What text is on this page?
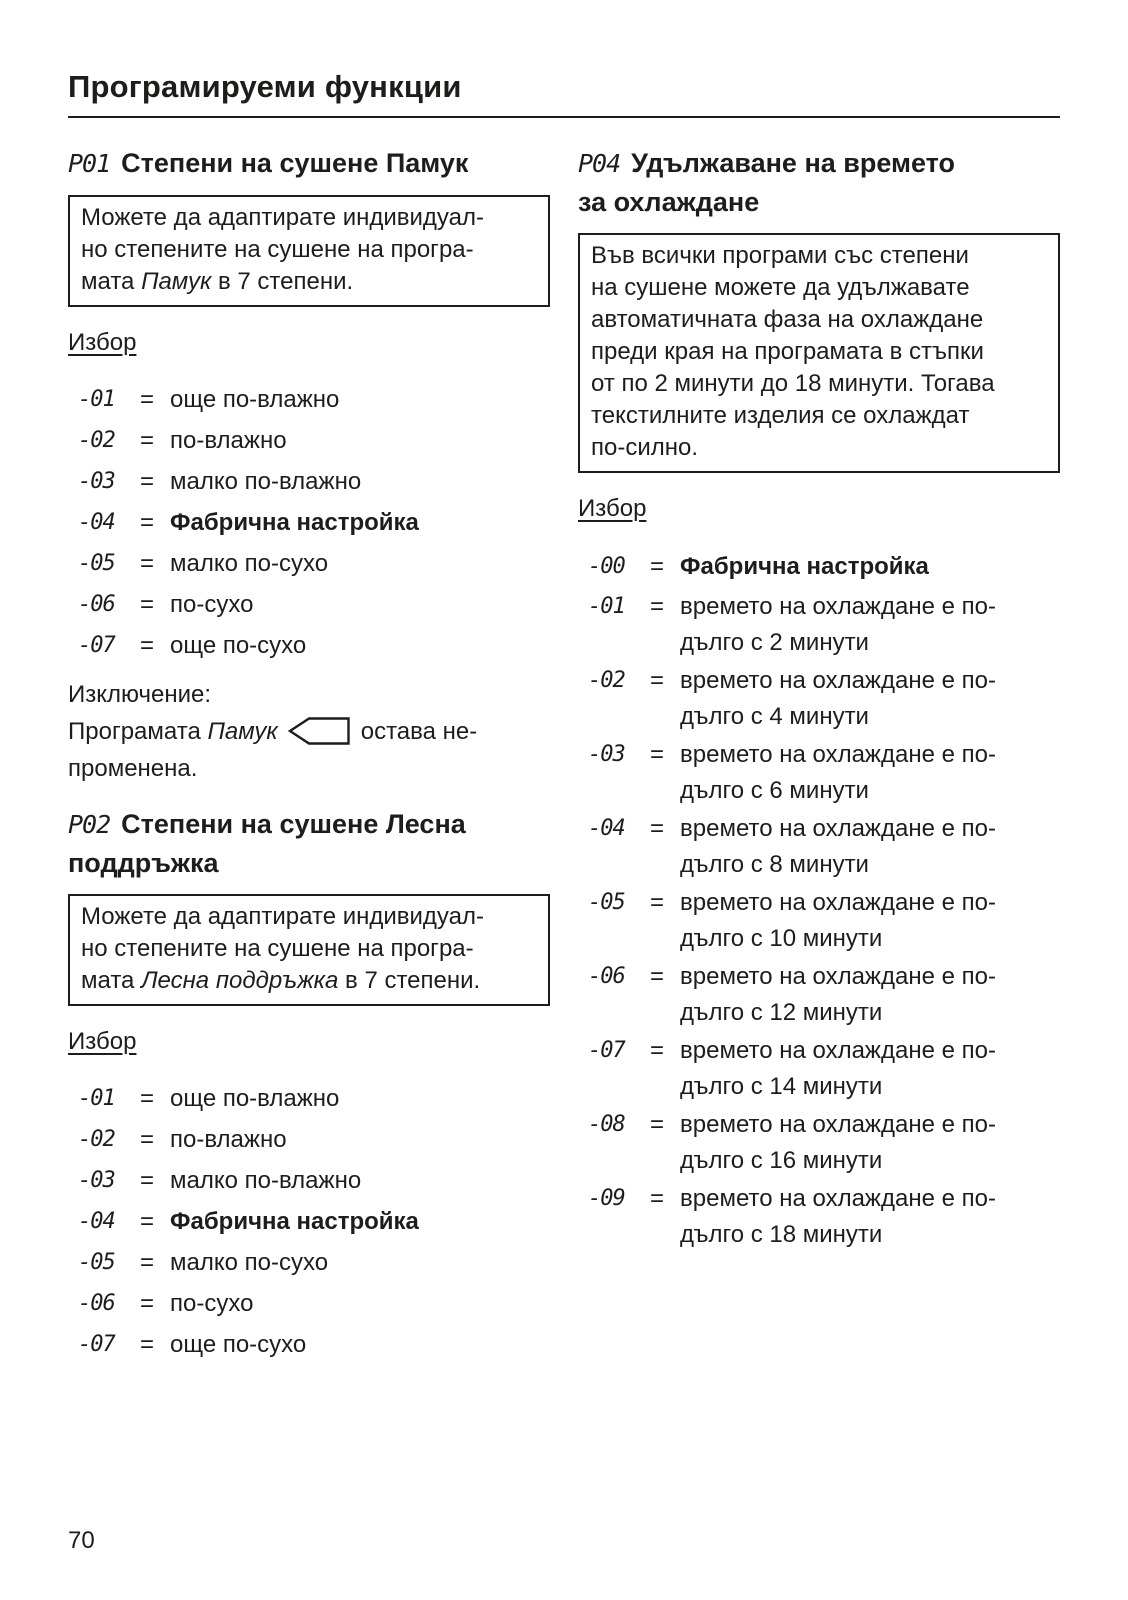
Програмируеми функции
P01 Степени на сушене Памук
Можете да адаптирате индивидуал-
но степените на сушене на програ-
мата Памук в 7 степени.
Избор
-01	= още по-влажно
-02	= по-влажно
-03	= малко по-влажно
-04	= Фабрична настройка
-05	= малко по-сухо
-06	= по-сухо
-07	= още по-сухо
Изключение:
Програмата Памук	остава не-
променена.
P02 Степени на сушене Лесна
поддръжка
Можете да адаптирате индивидуал-
но степените на сушене на програ-
мата Лесна поддръжка в 7 степени.
Избор
-01	= още по-влажно
-02	= по-влажно
-03	= малко по-влажно
-04	= Фабрична настройка
-05	= малко по-сухо
-06	= по-сухо
-07	= още по-сухо
P04 Удължаване на времето
за охлаждане
Във всички програми със степени
на сушене можете да удължавате
автоматичната фаза на охлаждане
преди края на програмата в стъпки
от по 2 минути до 18 минути. Тогава
текстилните изделия се охлаждат
по-силно.
Избор
-00	= Фабрична настройка
-01	= времето на охлаждане е по-
дълго с 2 минути
-02	= времето на охлаждане е по-
дълго с 4 минути
-03	= времето на охлаждане е по-
дълго с 6 минути
-04	= времето на охлаждане е по-
дълго с 8 минути
-05	= времето на охлаждане е по-
дълго с 10 минути
-06	= времето на охлаждане е по-
дълго с 12 минути
-07	= времето на охлаждане е по-
дълго с 14 минути
-08	= времето на охлаждане е по-
дълго с 16 минути
-09	= времето на охлаждане е по-
дълго с 18 минути
70
